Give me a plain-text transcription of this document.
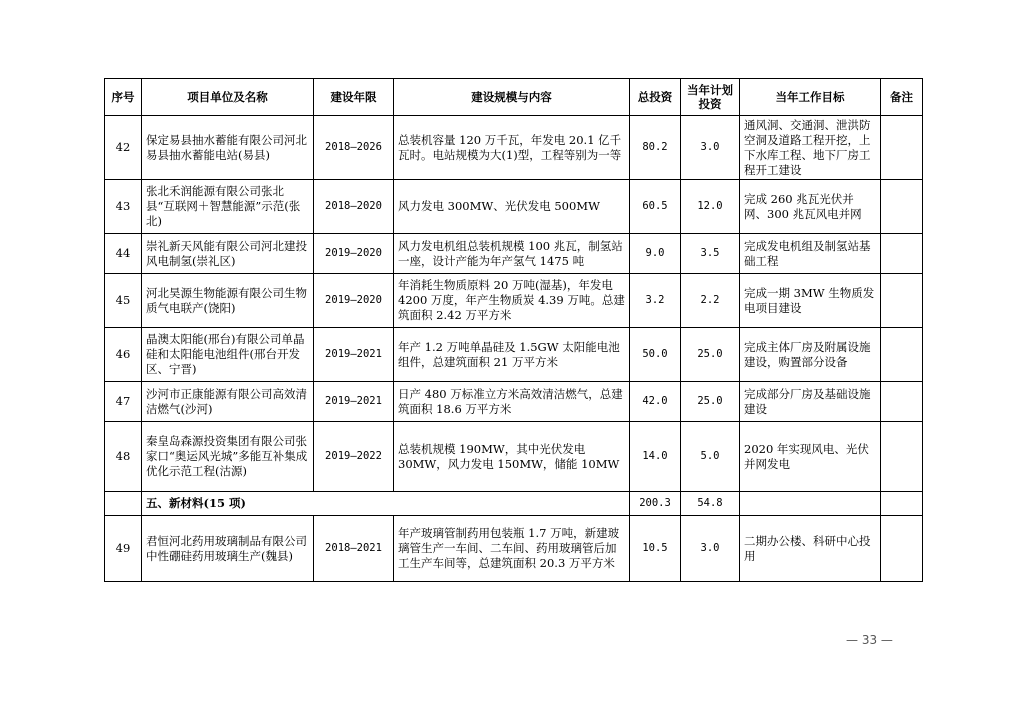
序号	项目单位及名称	建设年限	建设规模与内容	总投资	当年计划投资	当年工作目标	备注
42	保定易县抽水蓄能有限公司河北易县抽水蓄能电站(易县)	2018—2026	总装机容量 120 万千瓦，年发电 20.1 亿千瓦时。电站规模为大(1)型，工程等别为一等	80.2	3.0	通风洞、交通洞、泄洪防空洞及道路工程开挖，上下水库工程、地下厂房工程开工建设	
43	张北禾润能源有限公司张北县“互联网＋智慧能源”示范(张北)	2018—2020	风力发电 300MW、光伏发电 500MW	60.5	12.0	完成 260 兆瓦光伏并网、300 兆瓦风电并网	
44	崇礼新天风能有限公司河北建投风电制氢(崇礼区)	2019—2020	风力发电机组总装机规模 100 兆瓦，制氢站一座，设计产能为年产氢气 1475 吨	9.0	3.5	完成发电机组及制氢站基础工程	
45	河北昊源生物能源有限公司生物质气电联产(饶阳)	2019—2020	年消耗生物质原料 20 万吨(湿基)，年发电 4200 万度，年产生物质炭 4.39 万吨。总建筑面积 2.42 万平方米	3.2	2.2	完成一期 3MW 生物质发电项目建设	
46	晶澳太阳能(邢台)有限公司单晶硅和太阳能电池组件(邢台开发区、宁晋)	2019—2021	年产 1.2 万吨单晶硅及 1.5GW 太阳能电池组件，总建筑面积 21 万平方米	50.0	25.0	完成主体厂房及附属设施建设，购置部分设备	
47	沙河市正康能源有限公司高效清洁燃气(沙河)	2019—2021	日产 480 万标准立方米高效清洁燃气，总建筑面积 18.6 万平方米	42.0	25.0	完成部分厂房及基础设施建设	
48	秦皇岛森源投资集团有限公司张家口“奥运风光城”多能互补集成优化示范工程(沽源)	2019—2022	总装机规模 190MW，其中光伏发电 30MW，风力发电 150MW，储能 10MW	14.0	5.0	2020 年实现风电、光伏并网发电	
	五、新材料(15 项)			200.3	54.8		
49	君恒河北药用玻璃制品有限公司中性硼硅药用玻璃生产(魏县)	2018—2021	年产玻璃管制药用包装瓶 1.7 万吨，新建玻璃管生产一车间、二车间、药用玻璃管后加工生产车间等，总建筑面积 20.3 万平方米	10.5	3.0	二期办公楼、科研中心投用	
— 33 —
